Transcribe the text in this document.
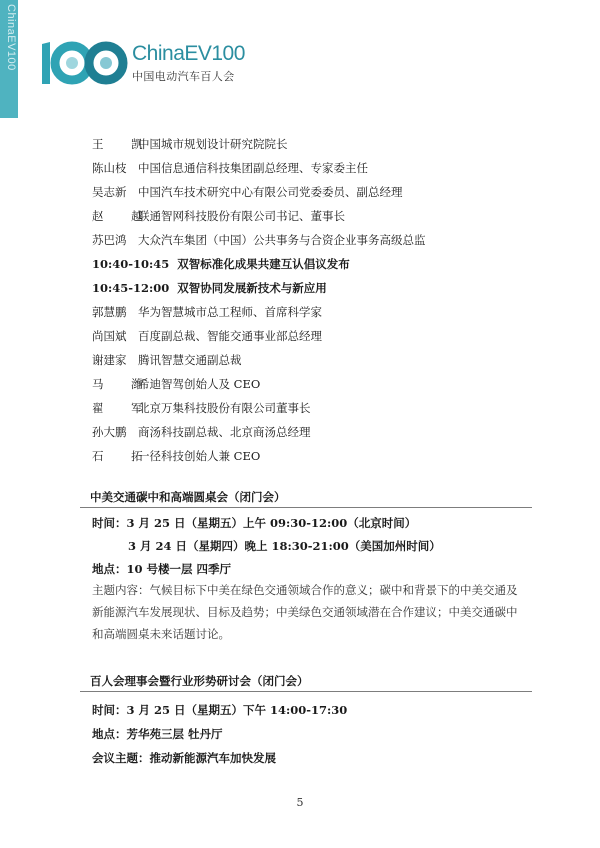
ChinaEV100	ChinaEV100
中国电动汽车百人会
王 凯中国城市规划设计研究院院长
陈山枝 中国信息通信科技集团副总经理、专家委主任
吴志新 中国汽车技术研究中心有限公司党委委员、副总经理
赵 越联通智网科技股份有限公司书记、董事长
苏巴鸿 大众汽车集团（中国）公共事务与合资企业事务高级总监
10:40-10:45 双智标准化成果共建互认倡议发布
10:45-12:00 双智协同发展新技术与新应用
郭慧鹏 华为智慧城市总工程师、首席科学家
尚国斌 百度副总裁、智能交通事业部总经理
谢建家 腾讯智慧交通副总裁
马 潍希迪智驾创始人及 CEO
翟 军北京万集科技股份有限公司董事长
孙大鹏 商汤科技副总裁、北京商汤总经理
石 拓一径科技创始人兼 CEO
中美交通碳中和高端圆桌会（闭门会）
时间：3 月 25 日（星期五）上午 09:30-12:00（北京时间）
3 月 24 日（星期四）晚上 18:30-21:00（美国加州时间）
地点：10 号楼一层 四季厅
主题内容：气候目标下中美在绿色交通领域合作的意义；碳中和背景下的中美交通及新能源汽车发展现状、目标及趋势；中美绿色交通领域潜在合作建议；中美交通碳中和高端圆桌未来话题讨论。
百人会理事会暨行业形势研讨会（闭门会）
时间：3 月 25 日（星期五）下午 14:00-17:30
地点：芳华苑三层 牡丹厅
会议主题：推动新能源汽车加快发展
5
